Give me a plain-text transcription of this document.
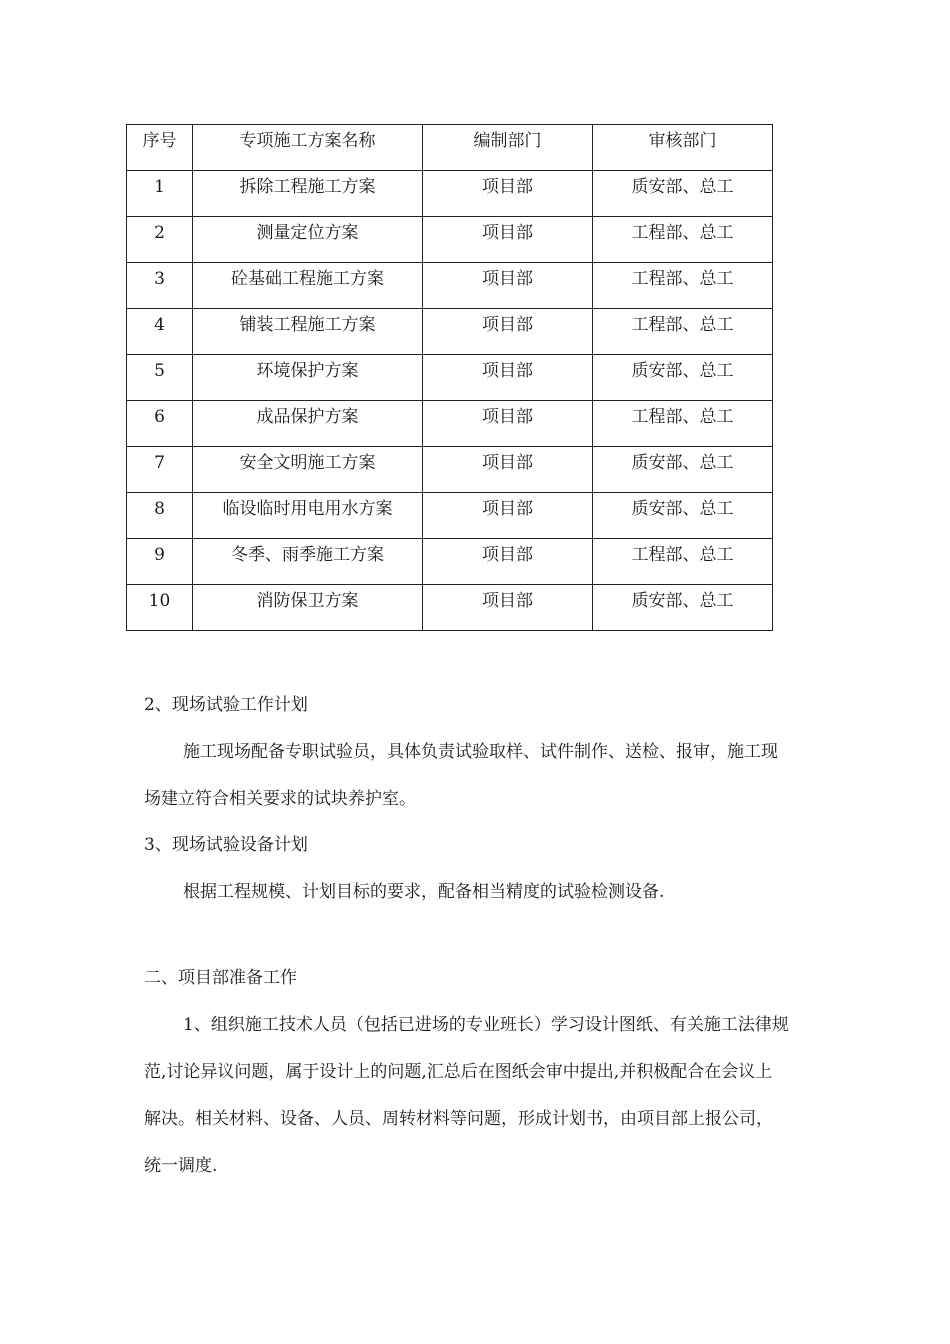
序号	专项施工方案名称	编制部门	审核部门
1	拆除工程施工方案	项目部	质安部、总工
2	测量定位方案	项目部	工程部、总工
3	砼基础工程施工方案	项目部	工程部、总工
4	铺装工程施工方案	项目部	工程部、总工
5	环境保护方案	项目部	质安部、总工
6	成品保护方案	项目部	工程部、总工
7	安全文明施工方案	项目部	质安部、总工
8	临设临时用电用水方案	项目部	质安部、总工
9	冬季、雨季施工方案	项目部	工程部、总工
10	消防保卫方案	项目部	质安部、总工
2、现场试验工作计划
施工现场配备专职试验员，具体负责试验取样、试件制作、送检、报审，施工现
场建立符合相关要求的试块养护室。
3、现场试验设备计划
根据工程规模、计划目标的要求，配备相当精度的试验检测设备.
二、项目部准备工作
1、组织施工技术人员（包括已进场的专业班长）学习设计图纸、有关施工法律规
范,讨论异议问题，属于设计上的问题,汇总后在图纸会审中提出,并积极配合在会议上
解决。相关材料、设备、人员、周转材料等问题，形成计划书，由项目部上报公司，
统一调度.
